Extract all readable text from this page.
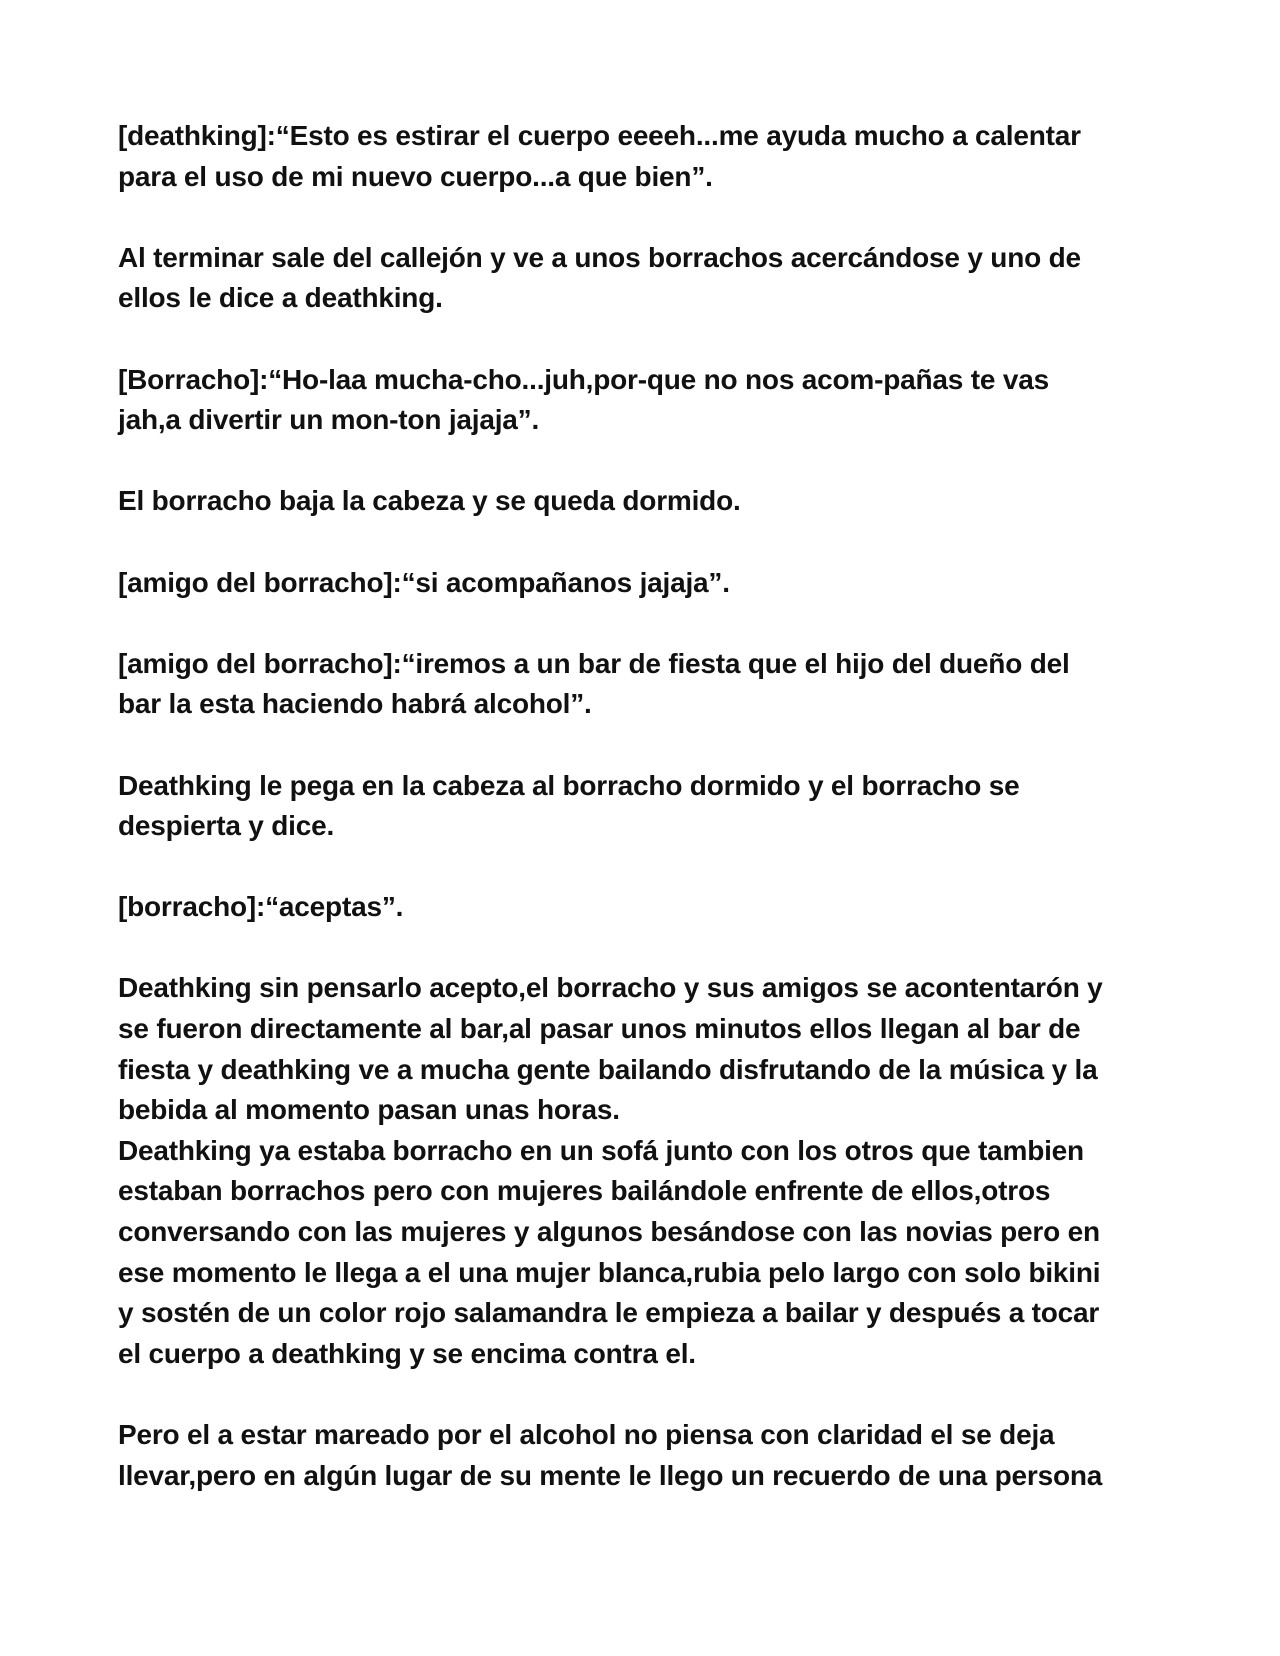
[deathking]:“Esto es estirar el cuerpo eeeeh...me ayuda mucho a calentar

para el uso de mi nuevo cuerpo...a que bien”.

Al terminar sale del callejón y ve a unos borrachos acercándose y uno de

ellos le dice a deathking.

[Borracho]:“Ho-laa mucha-cho...juh,por-que no nos acom-pañas te vas

jah,a divertir un mon-ton jajaja”.

El borracho baja la cabeza y se queda dormido.

[amigo del borracho]:“si acompañanos jajaja”.

[amigo del borracho]:“iremos a un bar de fiesta que el hijo del dueño del

bar la esta haciendo habrá alcohol”.

Deathking le pega en la cabeza al borracho dormido y el borracho se

despierta y dice.

[borracho]:“aceptas”.

Deathking sin pensarlo acepto,el borracho y sus amigos se acontentarón y

se fueron directamente al bar,al pasar unos minutos ellos llegan al bar de

fiesta y deathking ve a mucha gente bailando disfrutando de la música y la

bebida al momento pasan unas horas.

Deathking ya estaba borracho en un sofá junto con los otros que tambien

estaban borrachos pero con mujeres bailándole enfrente de ellos,otros

conversando con las mujeres y algunos besándose con las novias pero en

ese momento le llega a el una mujer blanca,rubia pelo largo con solo bikini

y sostén de un color rojo salamandra le empieza a bailar y después a tocar

el cuerpo a deathking y se encima contra el.

Pero el a estar mareado por el alcohol no piensa con claridad el se deja

llevar,pero en algún lugar de su mente le llego un recuerdo de una persona
